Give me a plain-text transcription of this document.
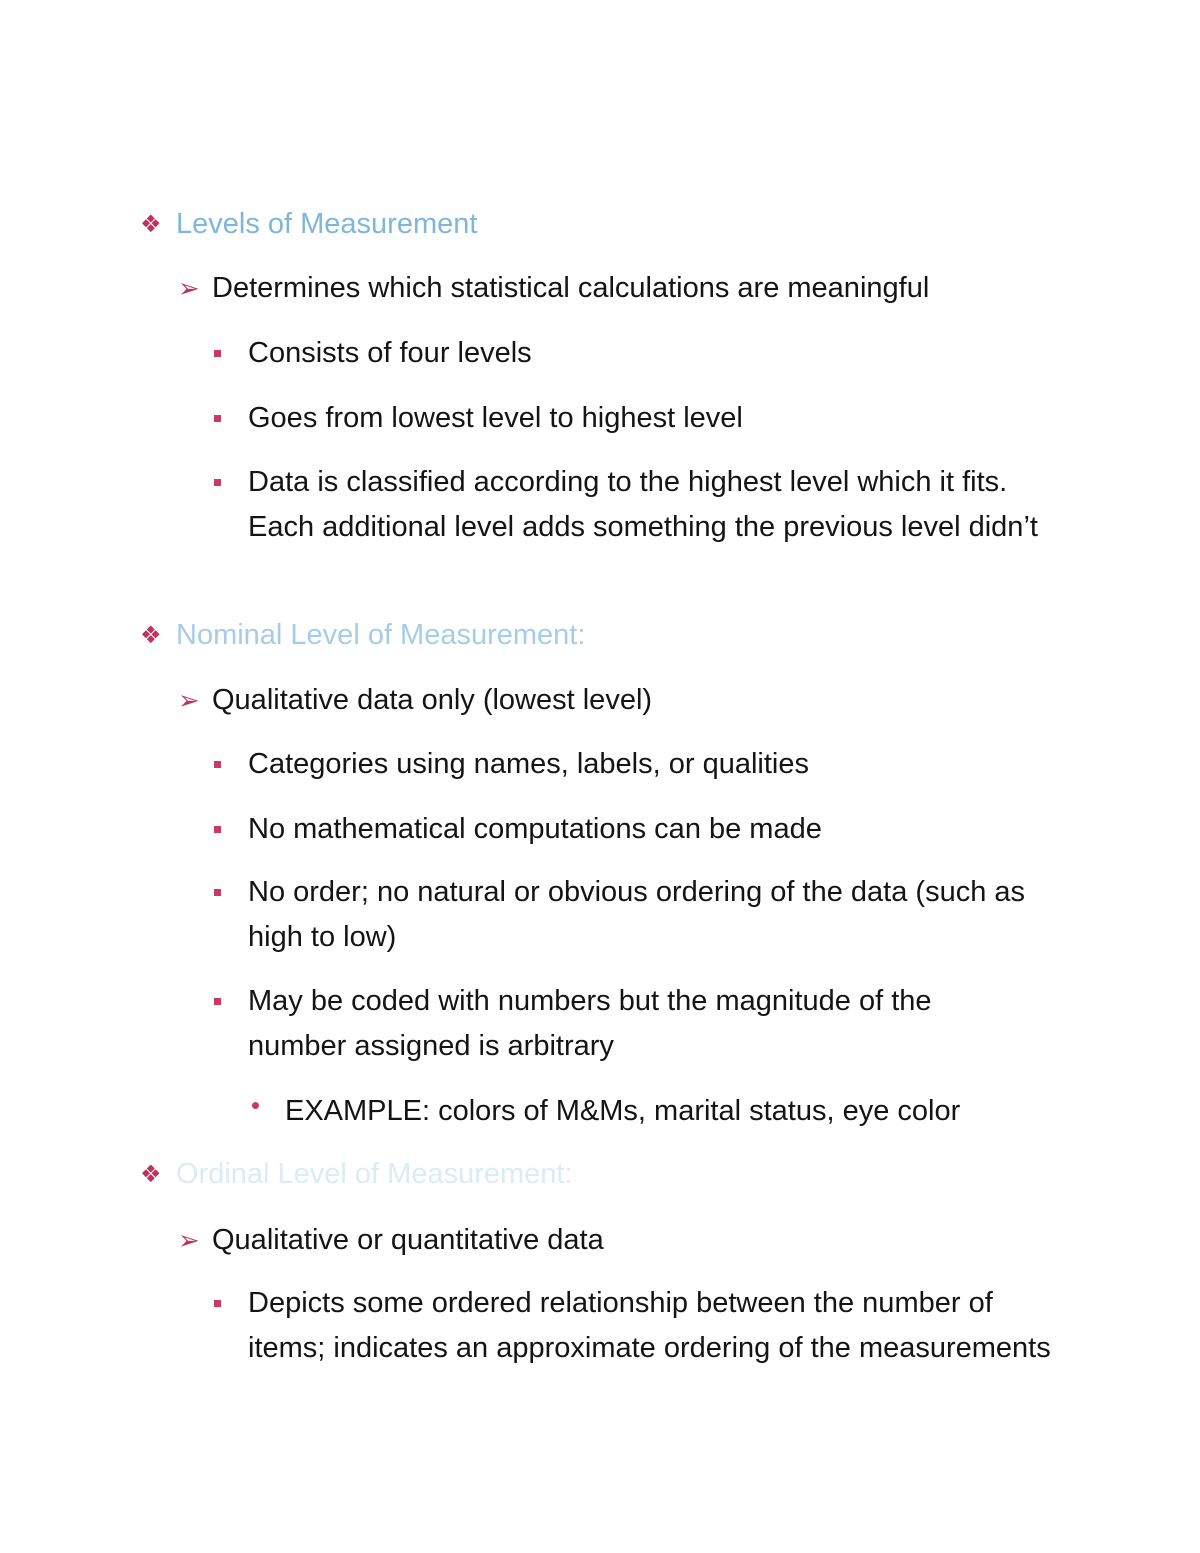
❖ Levels of Measurement
➢ Determines which statistical calculations are meaningful
Consists of four levels
Goes from lowest level to highest level
Data is classified according to the highest level which it fits. Each additional level adds something the previous level didn’t
❖ Nominal Level of Measurement:
➢ Qualitative data only (lowest level)
Categories using names, labels, or qualities
No mathematical computations can be made
No order; no natural or obvious ordering of the data (such as high to low)
May be coded with numbers but the magnitude of the number assigned is arbitrary
EXAMPLE: colors of M&Ms, marital status, eye color
❖ Ordinal Level of Measurement:
➢ Qualitative or quantitative data
Depicts some ordered relationship between the number of items; indicates an approximate ordering of the measurements
